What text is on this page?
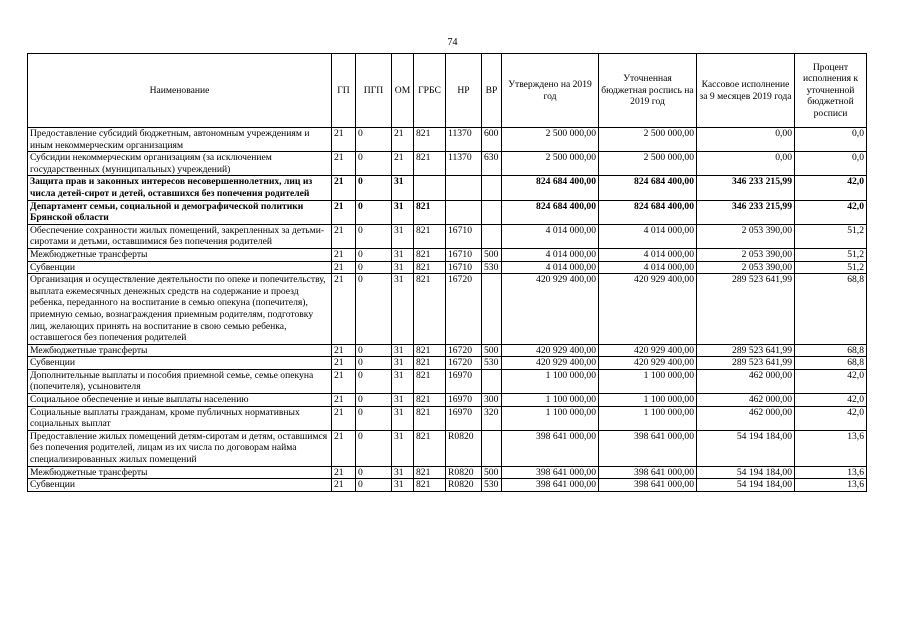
74
Наименование	ГП	ПГП	ОМ	ГРБС	НР	ВР	Утверждено на 2019 год	Уточненная бюджетная роспись на 2019 год	Кассовое исполнение за 9 месяцев 2019 года	Процент исполнения к уточненной бюджетной росписи
Предоставление субсидий бюджетным, автономным учреждениям и иным некоммерческим организациям	21	0	21	821	11370	600	2 500 000,00	2 500 000,00	0,00	0,0
Субсидии некоммерческим организациям (за исключением государственных (муниципальных) учреждений)	21	0	21	821	11370	630	2 500 000,00	2 500 000,00	0,00	0,0
Защита прав и законных интересов несовершеннолетних, лиц из числа детей-сирот и детей, оставшихся без попечения родителей	21	0	31				824 684 400,00	824 684 400,00	346 233 215,99	42,0
Департамент семьи, социальной и демографической политики Брянской области	21	0	31	821			824 684 400,00	824 684 400,00	346 233 215,99	42,0
Обеспечение сохранности жилых помещений, закрепленных за детьми-сиротами и детьми, оставшимися без попечения родителей	21	0	31	821	16710		4 014 000,00	4 014 000,00	2 053 390,00	51,2
Межбюджетные трансферты	21	0	31	821	16710	500	4 014 000,00	4 014 000,00	2 053 390,00	51,2
Субвенции	21	0	31	821	16710	530	4 014 000,00	4 014 000,00	2 053 390,00	51,2
Организация и осуществление деятельности по опеке и попечительству, выплата ежемесячных денежных средств на содержание и проезд ребенка, переданного на воспитание в семью опекуна (попечителя), приемную семью, вознаграждения приемным родителям, подготовку лиц, желающих принять на воспитание в свою семью ребенка, оставшегося без попечения родителей	21	0	31	821	16720		420 929 400,00	420 929 400,00	289 523 641,99	68,8
Межбюджетные трансферты	21	0	31	821	16720	500	420 929 400,00	420 929 400,00	289 523 641,99	68,8
Субвенции	21	0	31	821	16720	530	420 929 400,00	420 929 400,00	289 523 641,99	68,8
Дополнительные выплаты и пособия приемной семье, семье опекуна (попечителя), усыновителя	21	0	31	821	16970		1 100 000,00	1 100 000,00	462 000,00	42,0
Социальное обеспечение и иные выплаты населению	21	0	31	821	16970	300	1 100 000,00	1 100 000,00	462 000,00	42,0
Социальные выплаты гражданам, кроме публичных нормативных социальных выплат	21	0	31	821	16970	320	1 100 000,00	1 100 000,00	462 000,00	42,0
Предоставление жилых помещений детям-сиротам и детям, оставшимся без попечения родителей, лицам из их числа по договорам найма специализированных жилых помещений	21	0	31	821	R0820		398 641 000,00	398 641 000,00	54 194 184,00	13,6
Межбюджетные трансферты	21	0	31	821	R0820	500	398 641 000,00	398 641 000,00	54 194 184,00	13,6
Субвенции	21	0	31	821	R0820	530	398 641 000,00	398 641 000,00	54 194 184,00	13,6
